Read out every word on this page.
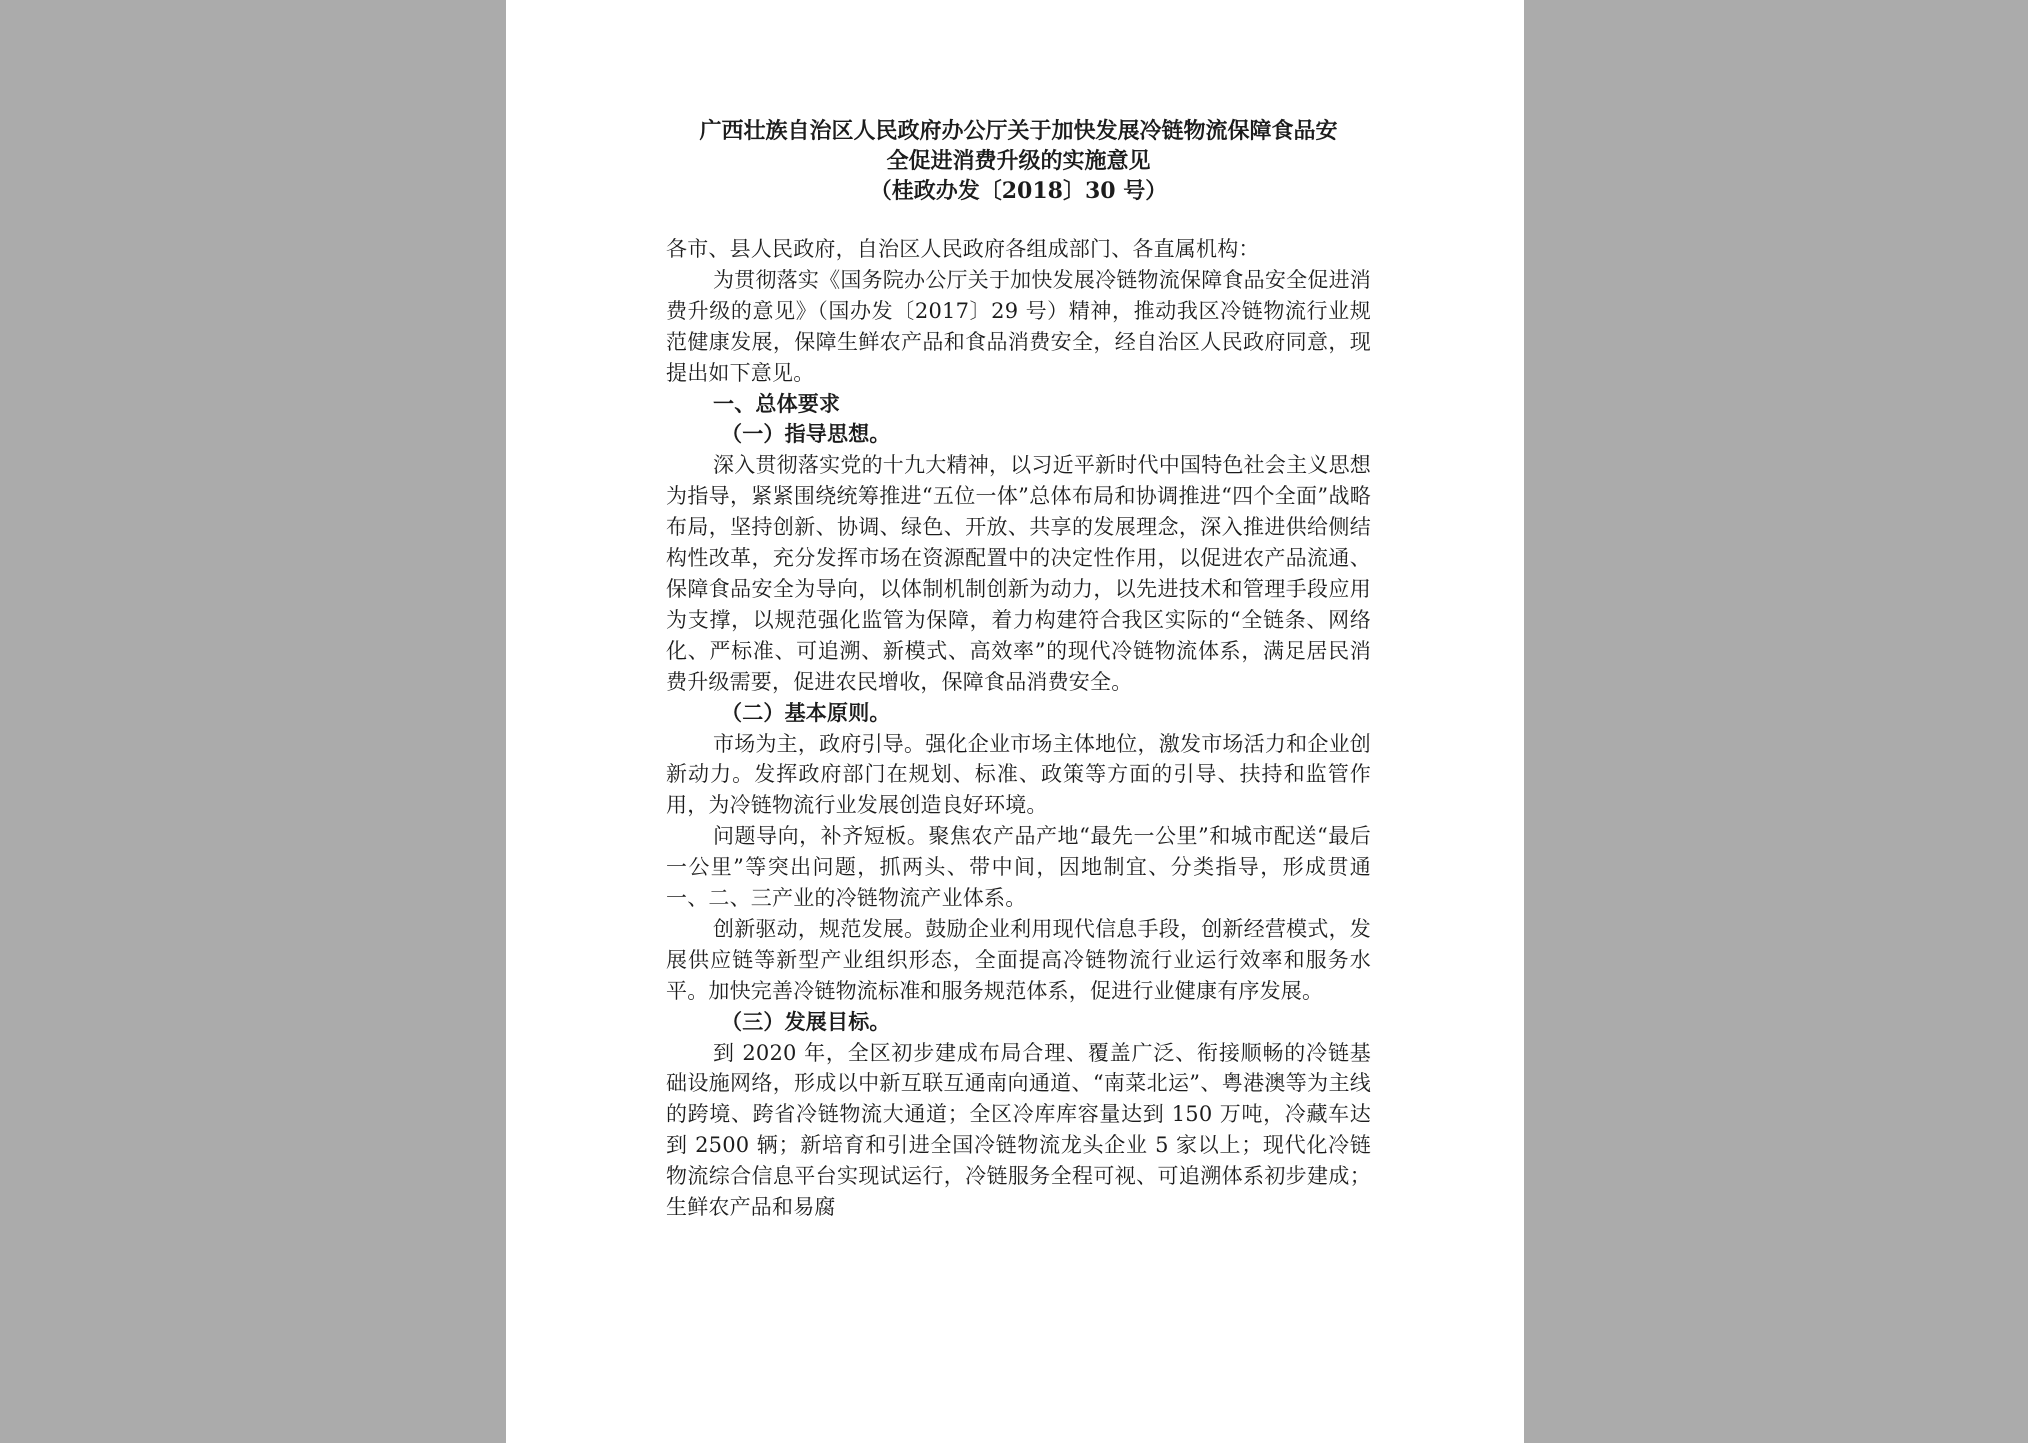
广西壮族自治区人民政府办公厅关于加快发展冷链物流保障食品安
全促进消费升级的实施意见
（桂政办发〔2018〕30 号）

各市、县人民政府，自治区人民政府各组成部门、各直属机构：

为贯彻落实《国务院办公厅关于加快发展冷链物流保障食品安全促进消费升级的意见》（国办发〔2017〕29 号）精神，推动我区冷链物流行业规范健康发展，保障生鲜农产品和食品消费安全，经自治区人民政府同意，现提出如下意见。

一、总体要求

（一）指导思想。

深入贯彻落实党的十九大精神，以习近平新时代中国特色社会主义思想为指导，紧紧围绕统筹推进“五位一体”总体布局和协调推进“四个全面”战略布局，坚持创新、协调、绿色、开放、共享的发展理念，深入推进供给侧结构性改革，充分发挥市场在资源配置中的决定性作用，以促进农产品流通、保障食品安全为导向，以体制机制创新为动力，以先进技术和管理手段应用为支撑，以规范强化监管为保障，着力构建符合我区实际的“全链条、网络化、严标准、可追溯、新模式、高效率”的现代冷链物流体系，满足居民消费升级需要，促进农民增收，保障食品消费安全。

（二）基本原则。

市场为主，政府引导。强化企业市场主体地位，激发市场活力和企业创新动力。发挥政府部门在规划、标准、政策等方面的引导、扶持和监管作用，为冷链物流行业发展创造良好环境。

问题导向，补齐短板。聚焦农产品产地“最先一公里”和城市配送“最后一公里”等突出问题，抓两头、带中间，因地制宜、分类指导，形成贯通一、二、三产业的冷链物流产业体系。

创新驱动，规范发展。鼓励企业利用现代信息手段，创新经营模式，发展供应链等新型产业组织形态，全面提高冷链物流行业运行效率和服务水平。加快完善冷链物流标准和服务规范体系，促进行业健康有序发展。

（三）发展目标。

到 2020 年，全区初步建成布局合理、覆盖广泛、衔接顺畅的冷链基础设施网络，形成以中新互联互通南向通道、“南菜北运”、粤港澳等为主线的跨境、跨省冷链物流大通道；全区冷库库容量达到 150 万吨，冷藏车达到 2500 辆；新培育和引进全国冷链物流龙头企业 5 家以上；现代化冷链物流综合信息平台实现试运行，冷链服务全程可视、可追溯体系初步建成；生鲜农产品和易腐
